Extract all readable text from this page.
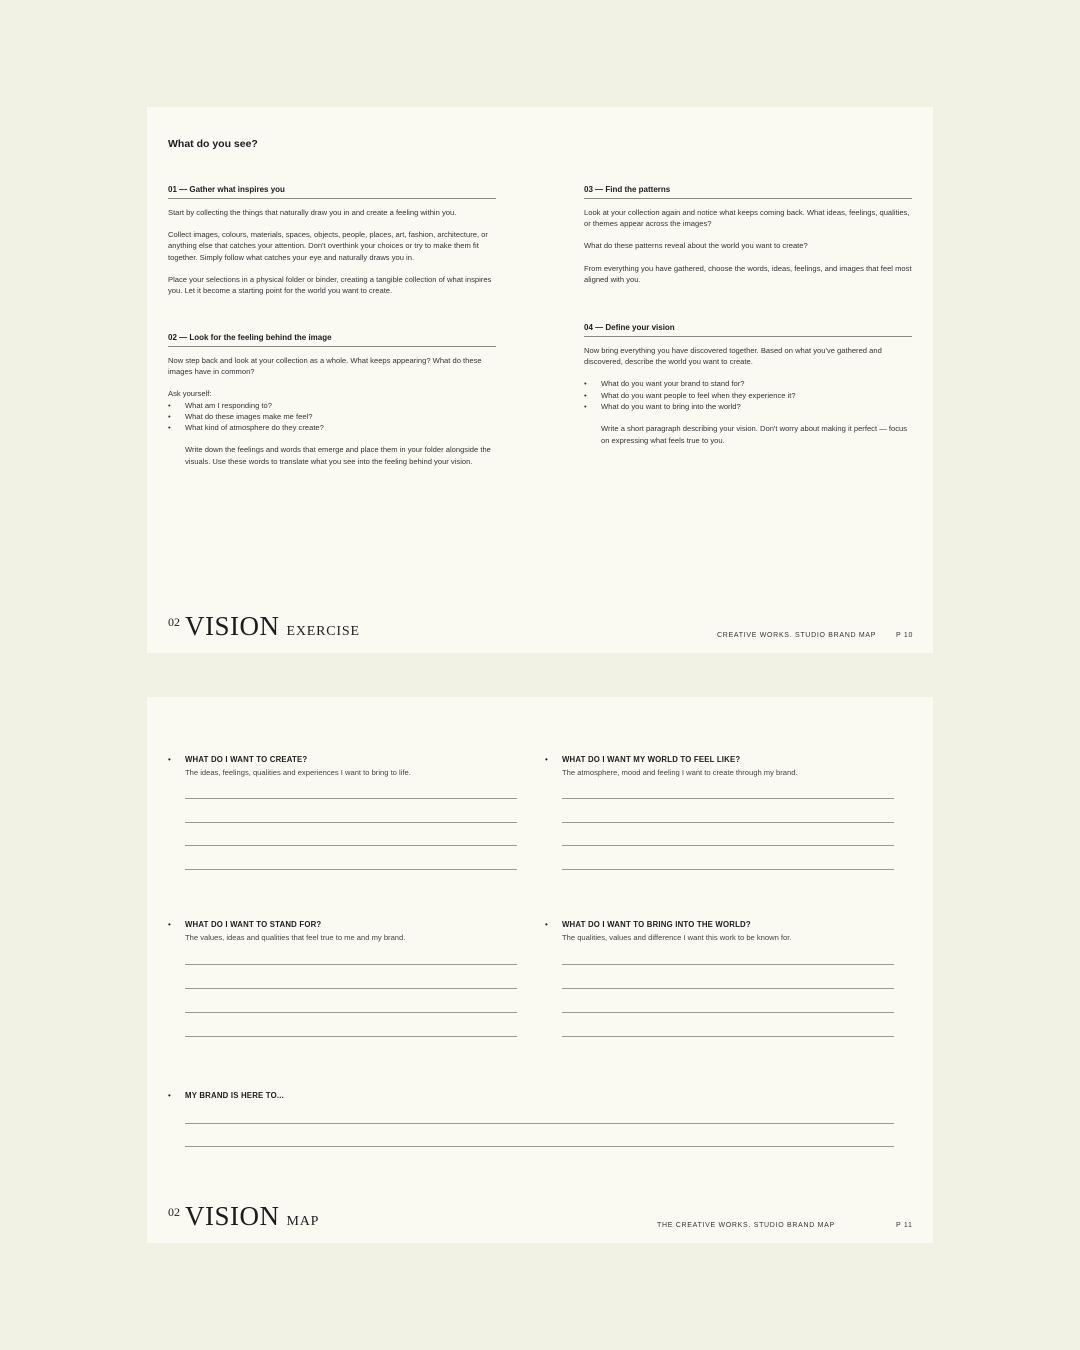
What do you see?
01 — Gather what inspires you

Start by collecting the things that naturally draw you in and create a feeling within you.

Collect images, colours, materials, spaces, objects, people, places, art, fashion, architecture, or anything else that catches your attention. Don't overthink your choices or try to make them fit together. Simply follow what catches your eye and naturally draws you in.

Place your selections in a physical folder or binder, creating a tangible collection of what inspires you. Let it become a starting point for the world you want to create.

02 — Look for the feeling behind the image

Now step back and look at your collection as a whole. What keeps appearing? What do these images have in common?

Ask yourself:

• What am I responding to?
• What do these images make me feel?
• What kind of atmosphere do they create?
Write down the feelings and words that emerge and place them in your folder alongside the visuals. Use these words to translate what you see into the feeling behind your vision.
03 — Find the patterns

Look at your collection again and notice what keeps coming back. What ideas, feelings, qualities, or themes appear across the images?

What do these patterns reveal about the world you want to create?

From everything you have gathered, choose the words, ideas, feelings, and images that feel most aligned with you.

04 — Define your vision

Now bring everything you have discovered together. Based on what you've gathered and discovered, describe the world you want to create.

• What do you want your brand to stand for?
• What do you want people to feel when they experience it?
• What do you want to bring into the world?
Write a short paragraph describing your vision. Don't worry about making it perfect — focus on expressing what feels true to you.
02 VISION EXERCISE	CREATIVE WORKS. STUDIO BRAND MAP	P 10
• WHAT DO I WANT TO CREATE?

The ideas, feelings, qualities and experiences I want to bring to life.

• WHAT DO I WANT MY WORLD TO FEEL LIKE?

The atmosphere, mood and feeling I want to create through my brand.

• WHAT DO I WANT TO STAND FOR?

The values, ideas and qualities that feel true to me and my brand.

• WHAT DO I WANT TO BRING INTO THE WORLD?

The qualities, values and difference I want this work to be known for.

• MY BRAND IS HERE TO...

02 VISION MAP	THE CREATIVE WORKS. STUDIO BRAND MAP	P 11
